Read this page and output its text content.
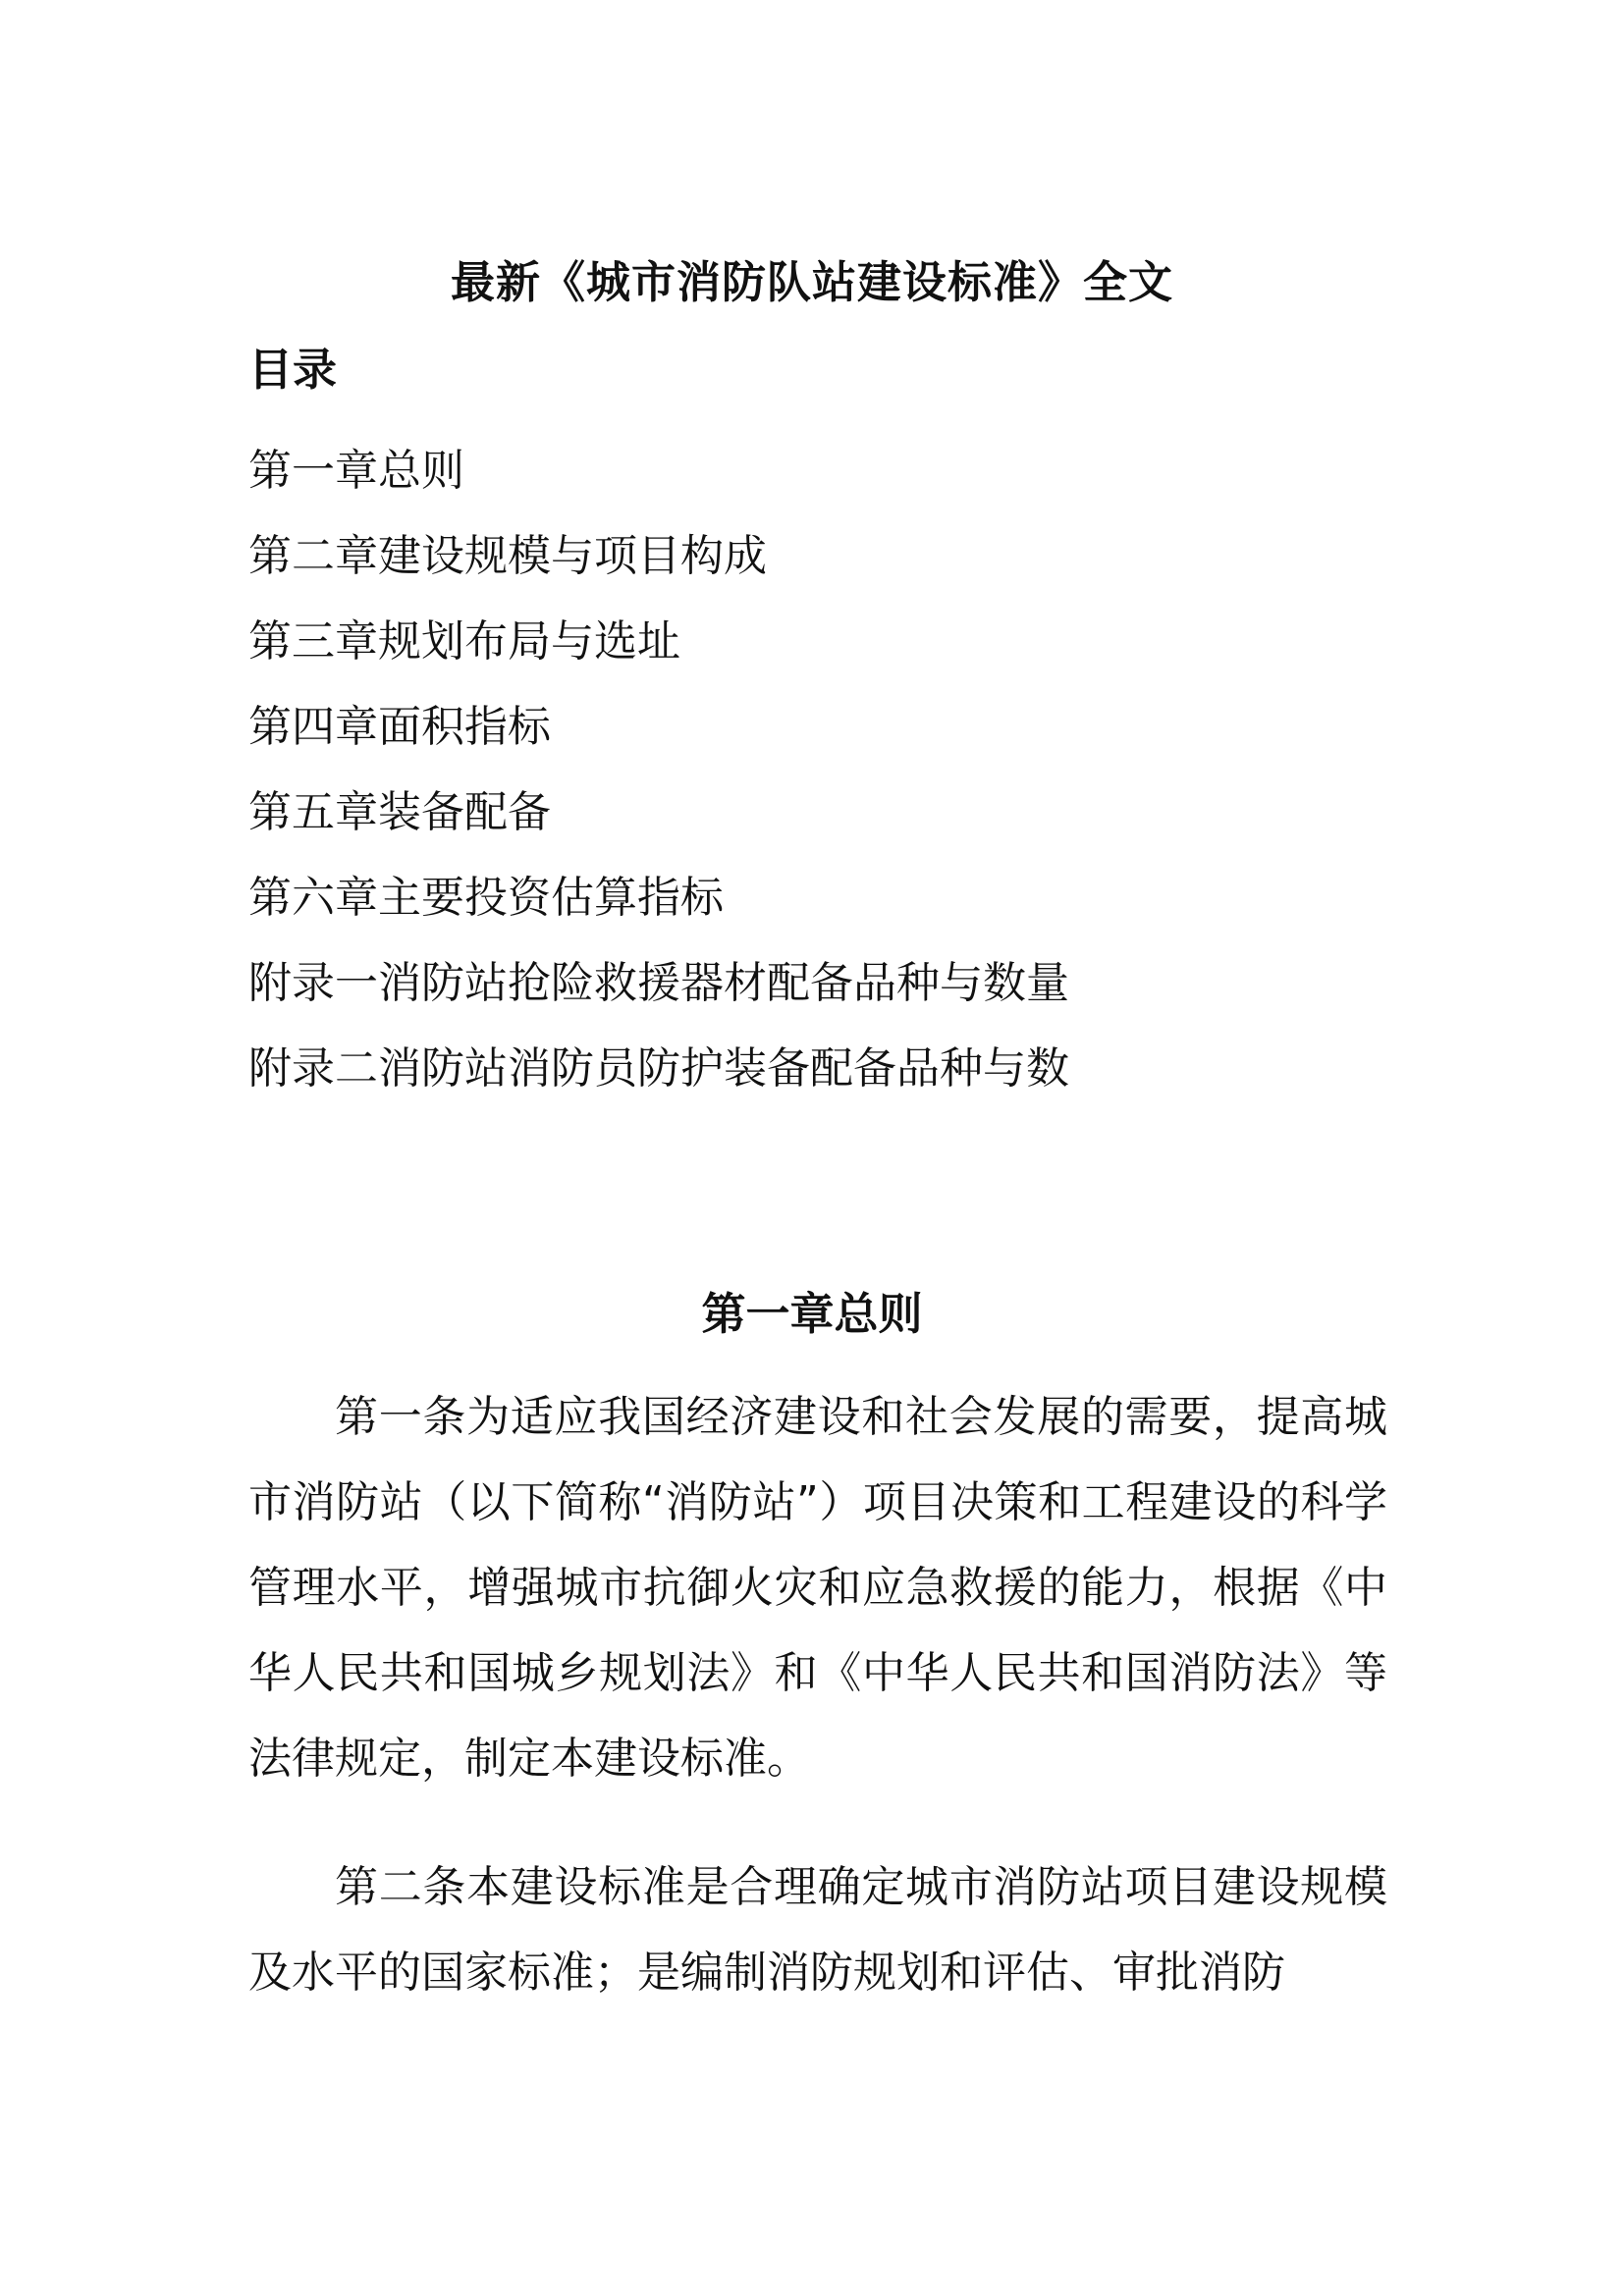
最新《城市消防队站建设标准》全文
目录
第一章总则
第二章建设规模与项目构成
第三章规划布局与选址
第四章面积指标
第五章装备配备
第六章主要投资估算指标
附录一消防站抢险救援器材配备品种与数量
附录二消防站消防员防护装备配备品种与数
第一章总则

第一条为适应我国经济建设和社会发展的需要，提高城市消防站（以下简称“消防站”）项目决策和工程建设的科学管理水平，增强城市抗御火灾和应急救援的能力，根据《中华人民共和国城乡规划法》和《中华人民共和国消防法》等法律规定，制定本建设标准。

第二条本建设标准是合理确定城市消防站项目建设规模及水平的国家标准；是编制消防规划和评估、审批消防
